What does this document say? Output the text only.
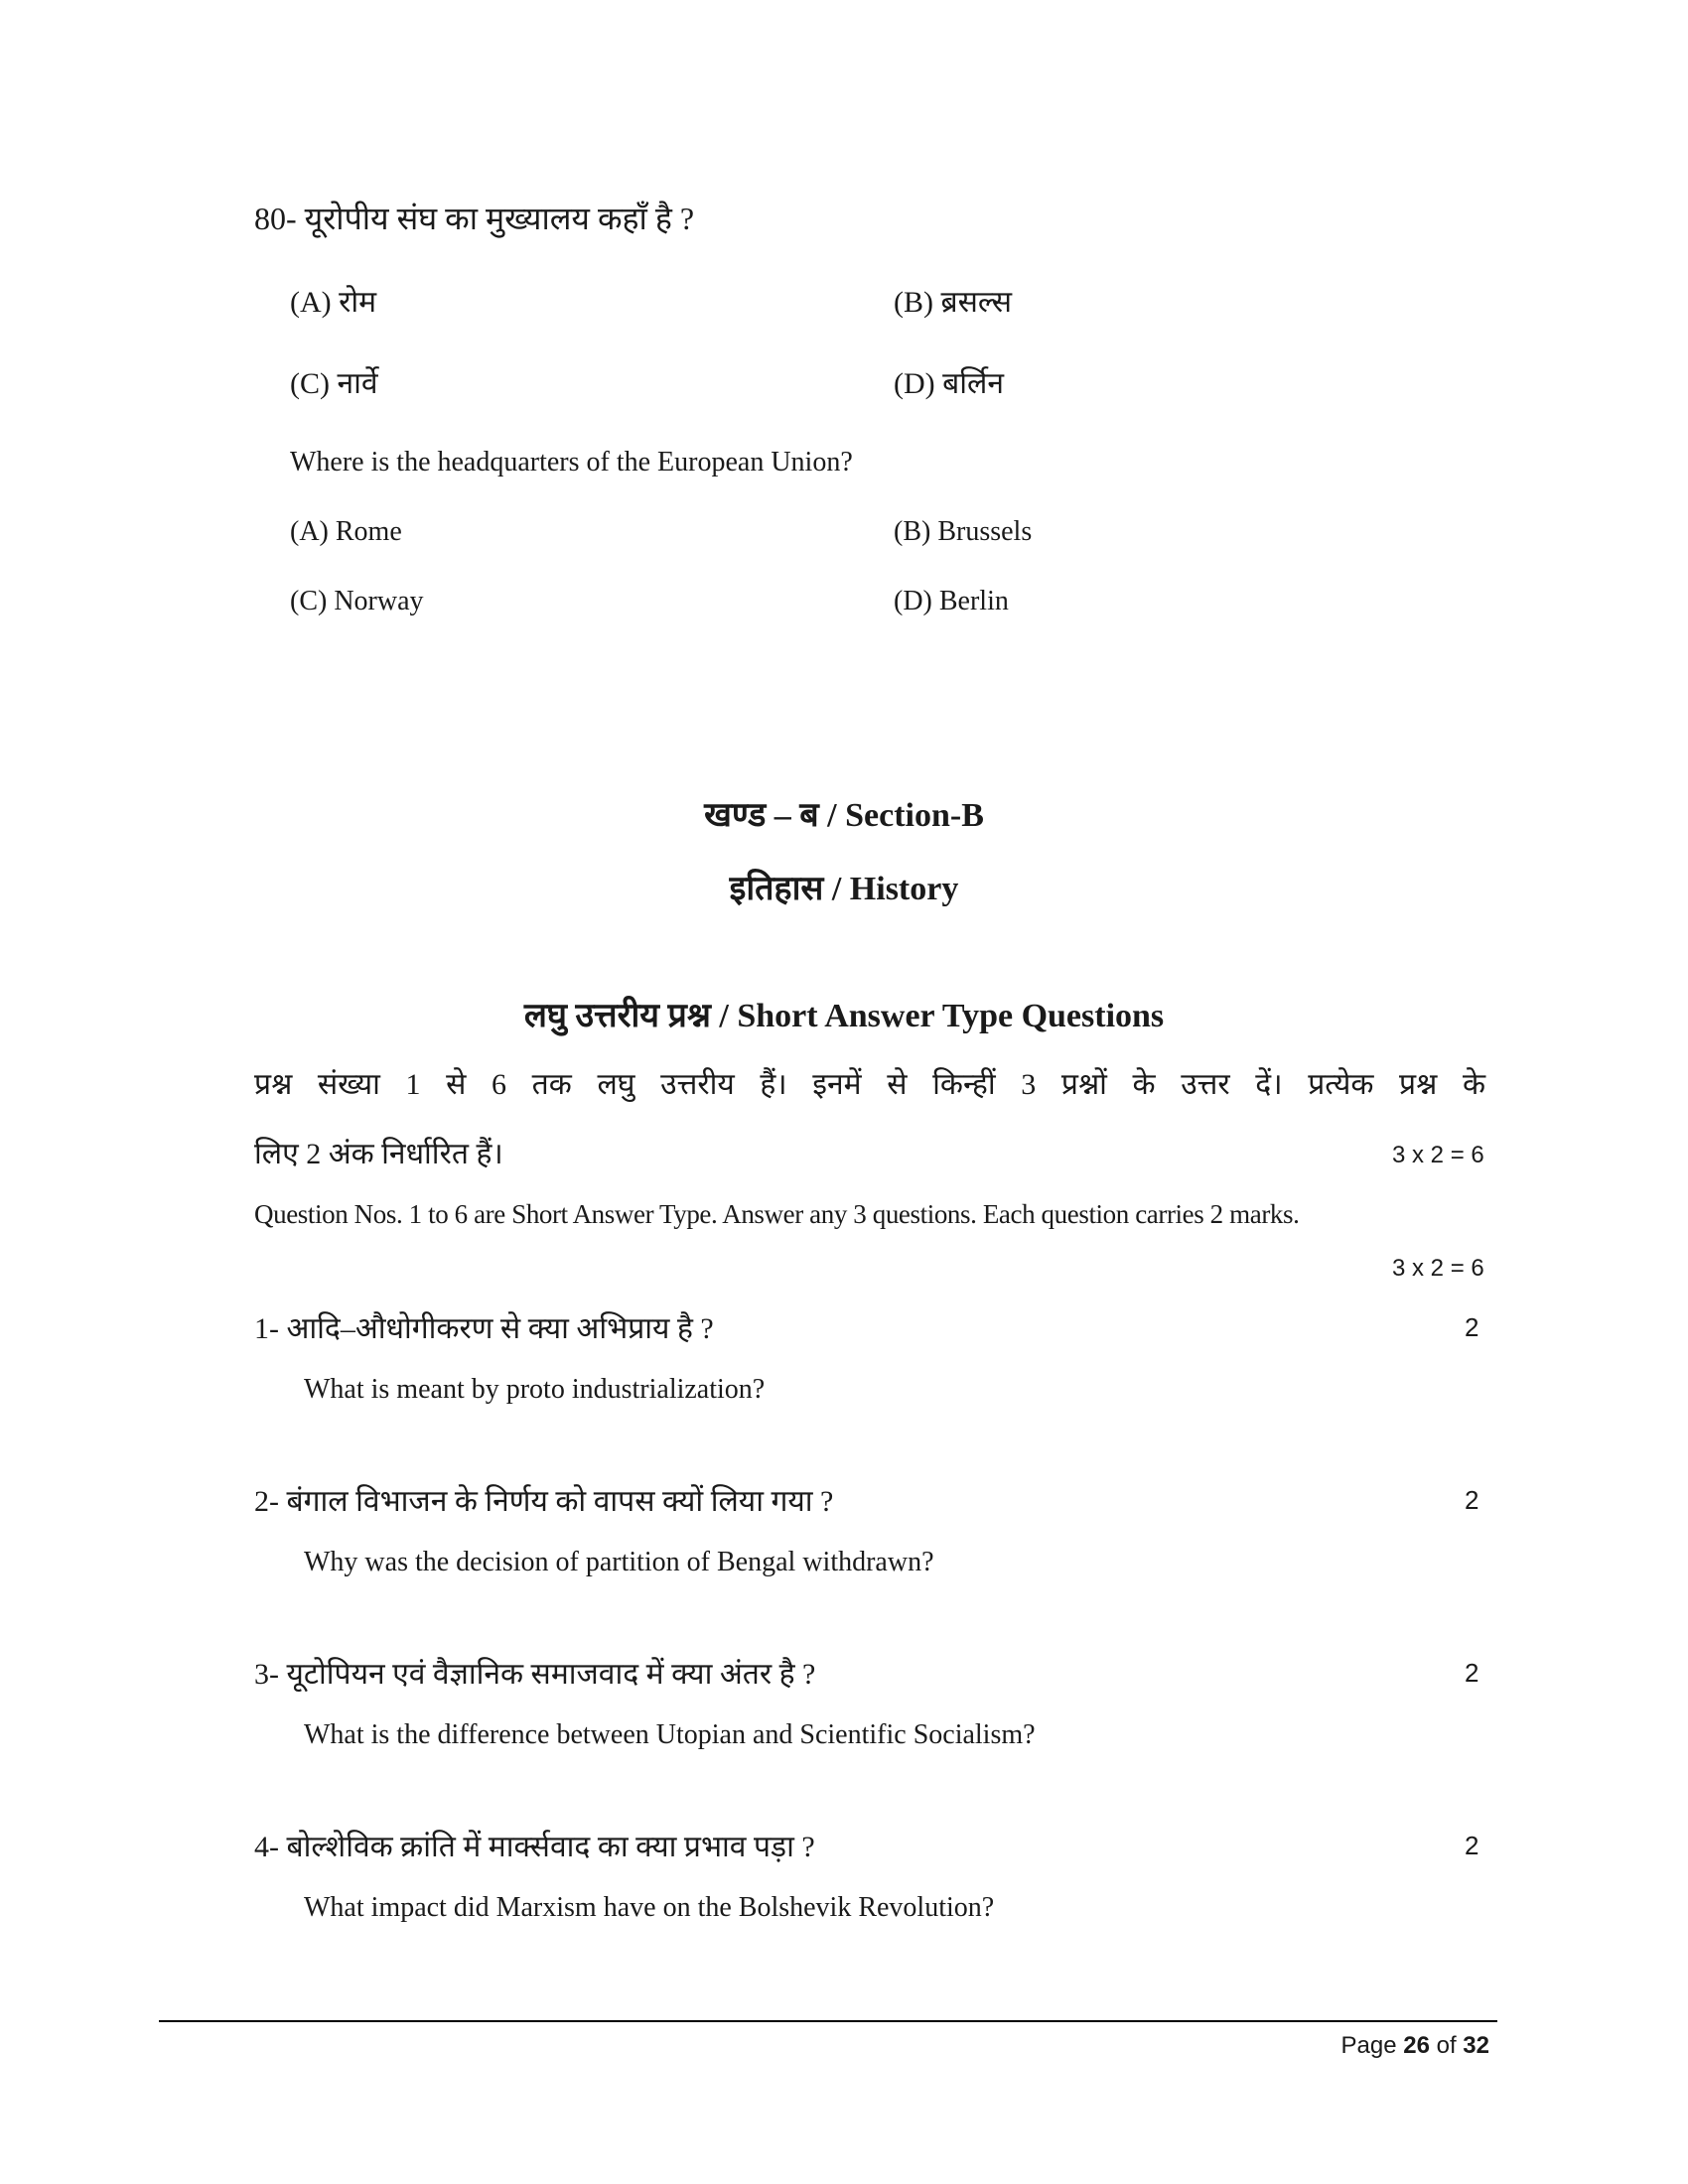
80- यूरोपीय संघ का मुख्यालय कहाँ है ?
(A) रोम	(B) ब्रसल्स
(C) नार्वे	(D) बर्लिन
Where is the headquarters of the European Union?
(A) Rome	(B) Brussels
(C) Norway	(D) Berlin
खण्ड – ब / Section-B
इतिहास / History
लघु उत्तरीय प्रश्न / Short Answer Type Questions
प्रश्न संख्या 1 से 6 तक लघु उत्तरीय हैं। इनमें से किन्हीं 3 प्रश्नों के उत्तर दें। प्रत्येक प्रश्न के
लिए 2 अंक निर्धारित हैं।	3 x 2 = 6
Question Nos. 1 to 6 are Short Answer Type. Answer any 3 questions. Each question carries 2 marks.
3 x 2 = 6
1- आदि–औधोगीकरण से क्या अभिप्राय है ?	2
What is meant by proto industrialization?
2- बंगाल विभाजन के निर्णय को वापस क्यों लिया गया ?	2
Why was the decision of partition of Bengal withdrawn?
3- यूटोपियन एवं वैज्ञानिक समाजवाद में क्या अंतर है ?	2
What is the difference between Utopian and Scientific Socialism?
4- बोल्शेविक क्रांति में मार्क्सवाद का क्या प्रभाव पड़ा ?	2
What impact did Marxism have on the Bolshevik Revolution?
Page 26 of 32
